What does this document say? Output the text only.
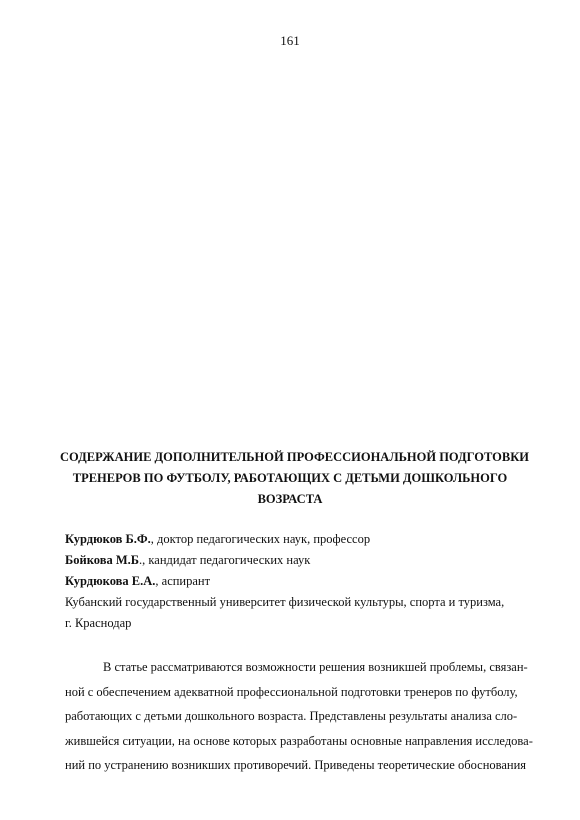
161
СОДЕРЖАНИЕ ДОПОЛНИТЕЛЬНОЙ ПРОФЕССИОНАЛЬНОЙ ПОДГОТОВКИ
ТРЕНЕРОВ ПО ФУТБОЛУ, РАБОТАЮЩИХ С ДЕТЬМИ ДОШКОЛЬНОГО
ВОЗРАСТА
Курдюков Б.Ф., доктор педагогических наук, профессор
Бойкова М.Б., кандидат педагогических наук
Курдюкова Е.А., аспирант
Кубанский государственный университет физической культуры, спорта и туризма,
г. Краснодар
В статье рассматриваются возможности решения возникшей проблемы, связан-
ной с обеспечением адекватной профессиональной подготовки тренеров по футболу,
работающих с детьми дошкольного возраста. Представлены результаты анализа сло-
жившейся ситуации, на основе которых разработаны основные направления исследова-
ний по устранению возникших противоречий. Приведены теоретические обоснования
